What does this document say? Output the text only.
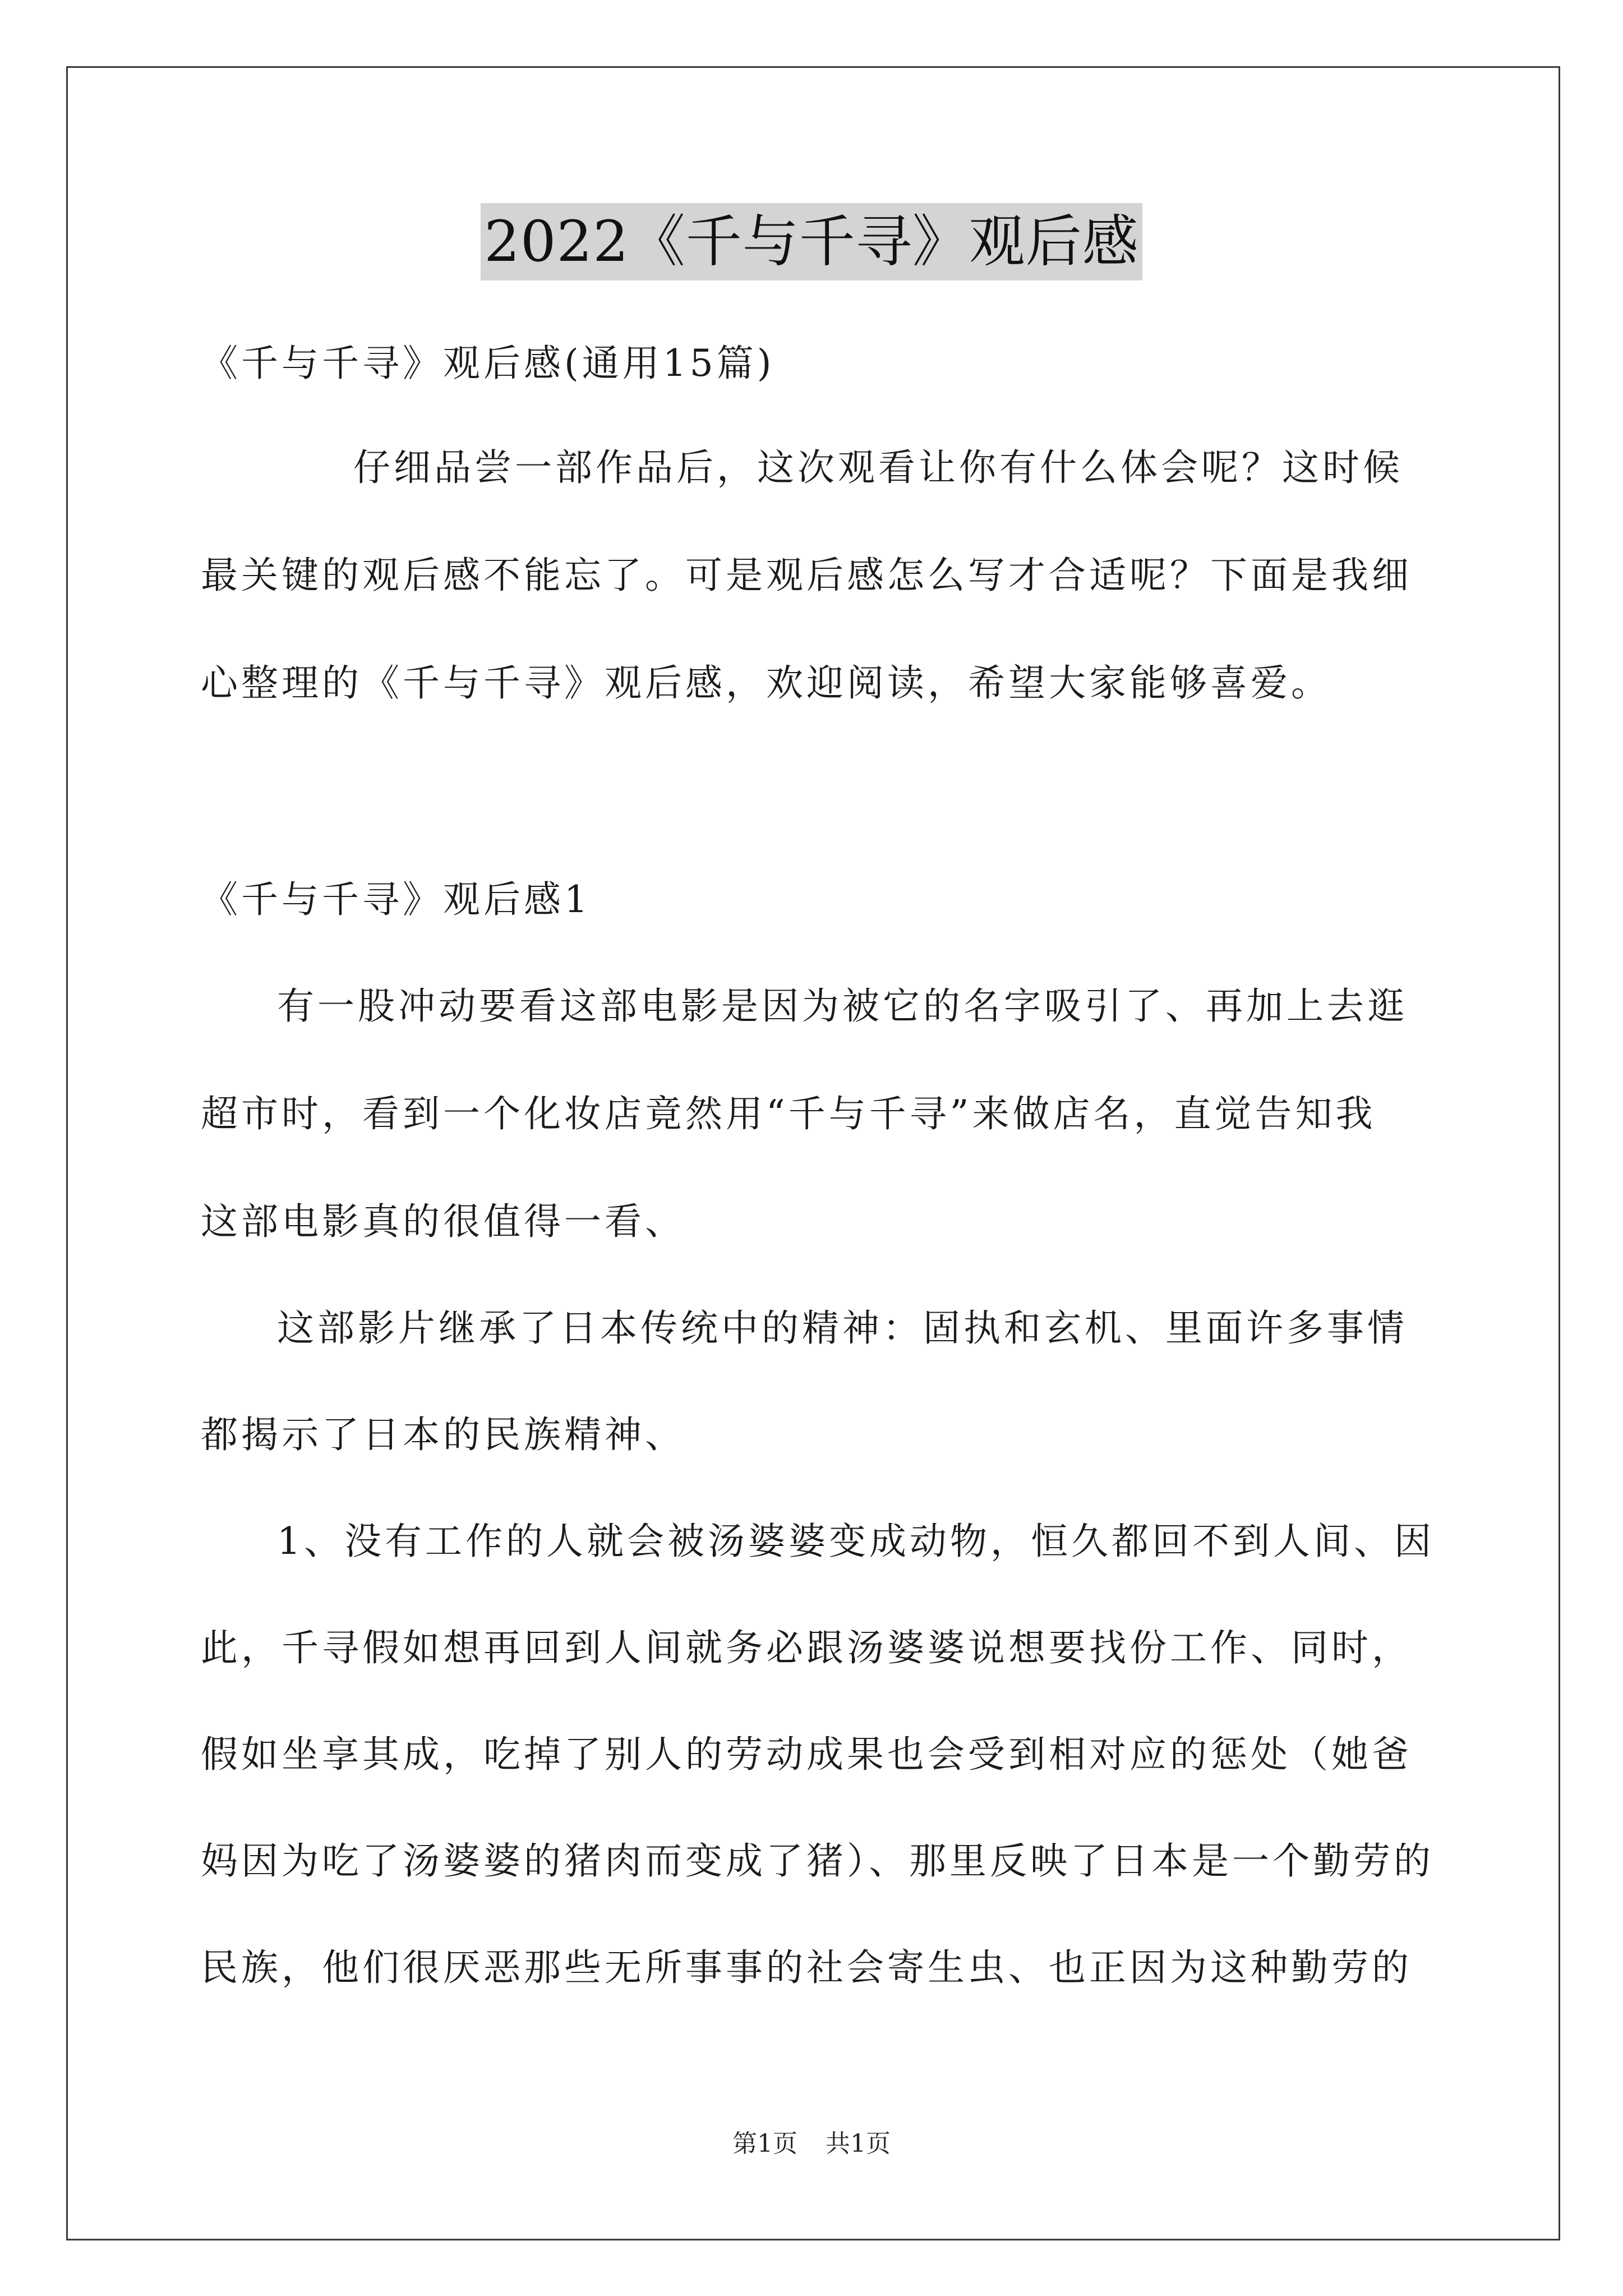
2022《千与千寻》观后感
《千与千寻》观后感(通用15篇)
仔细品尝一部作品后，这次观看让你有什么体会呢？这时候
最关键的观后感不能忘了。可是观后感怎么写才合适呢？下面是我细
心整理的《千与千寻》观后感，欢迎阅读，希望大家能够喜爱。
《千与千寻》观后感1
有一股冲动要看这部电影是因为被它的名字吸引了、再加上去逛
超市时，看到一个化妆店竟然用“千与千寻”来做店名，直觉告知我
这部电影真的很值得一看、
这部影片继承了日本传统中的精神：固执和玄机、里面许多事情
都揭示了日本的民族精神、
1、没有工作的人就会被汤婆婆变成动物，恒久都回不到人间、因
此，千寻假如想再回到人间就务必跟汤婆婆说想要找份工作、同时，
假如坐享其成，吃掉了别人的劳动成果也会受到相对应的惩处（她爸
妈因为吃了汤婆婆的猪肉而变成了猪）、那里反映了日本是一个勤劳的
民族，他们很厌恶那些无所事事的社会寄生虫、也正因为这种勤劳的
第1页 共1页
